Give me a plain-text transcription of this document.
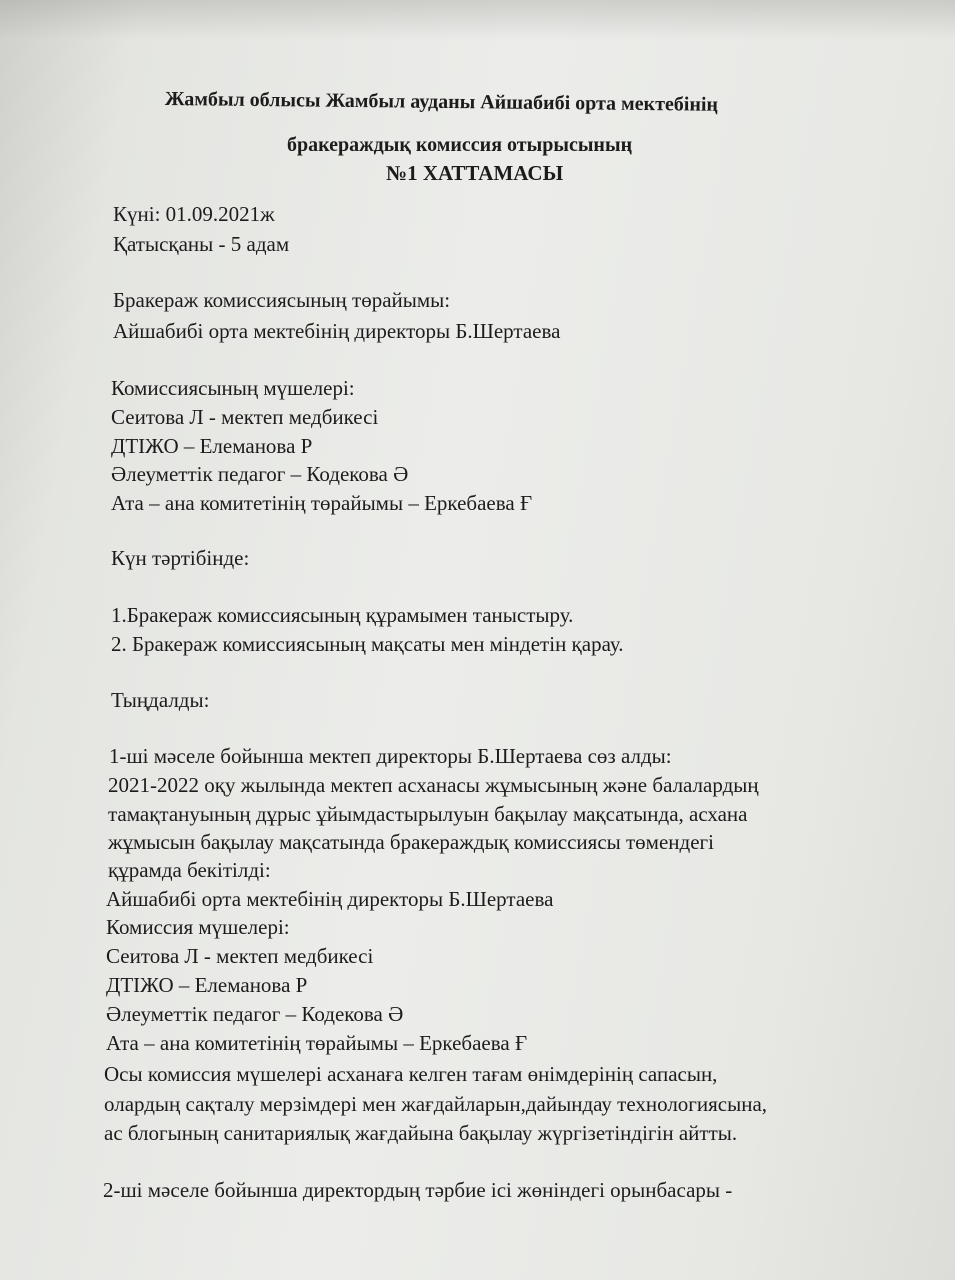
Жамбыл облысы Жамбыл ауданы Айшабибі орта мектебінің
бракераждық комиссия отырысының
№1 ХАТТАМАСЫ
Күні: 01.09.2021ж
Қатысқаны - 5 адам
Бракераж комиссиясының төрайымы:
Айшабибі орта мектебінің директоры Б.Шертаева
Комиссиясының мүшелері:
Сеитова Л - мектеп медбикесі
ДТІЖО – Елеманова Р
Әлеуметтік педагог – Кодекова Ә
Ата – ана комитетінің төрайымы – Еркебаева Ғ
Күн тәртібінде:
1.Бракераж комиссиясының құрамымен таныстыру.
2. Бракераж комиссиясының мақсаты мен міндетін қарау.
Тыңдалды:
1-ші мәселе бойынша мектеп директоры Б.Шертаева сөз алды:
2021-2022 оқу жылында мектеп асханасы жұмысының және балалардың
тамақтануының дұрыс ұйымдастырылуын бақылау мақсатында, асхана
жұмысын бақылау мақсатында бракераждық комиссиясы төмендегі
құрамда бекітілді:
Айшабибі орта мектебінің директоры Б.Шертаева
Комиссия мүшелері:
Сеитова Л - мектеп медбикесі
ДТІЖО – Елеманова Р
Әлеуметтік педагог – Кодекова Ә
Ата – ана комитетінің төрайымы – Еркебаева Ғ
Осы комиссия мүшелері асханаға келген тағам өнімдерінің сапасын,
олардың сақталу мерзімдері мен жағдайларын,дайындау технологиясына,
ас блогының санитариялық жағдайына бақылау жүргізетіндігін айтты.
2-ші мәселе бойынша директордың тәрбие ісі жөніндегі орынбасары -
